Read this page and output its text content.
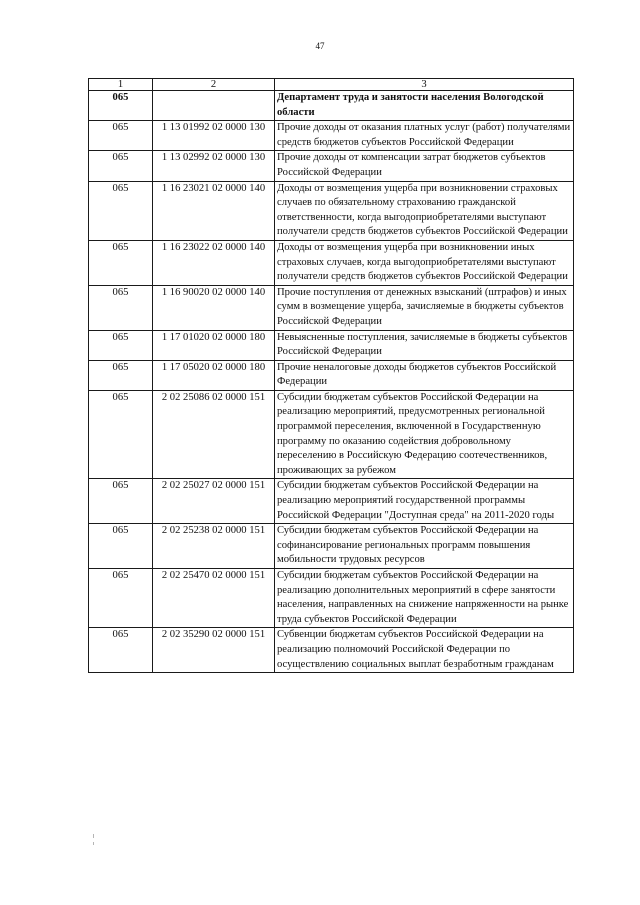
47
1	2	3
065		Департамент труда и занятости населения Вологодской области
065	1 13 01992 02 0000 130	Прочие доходы от оказания платных услуг (работ) получателями средств бюджетов субъектов Российской Федерации
065	1 13 02992 02 0000 130	Прочие доходы от компенсации затрат бюджетов субъектов Российской Федерации
065	1 16 23021 02 0000 140	Доходы от возмещения ущерба при возникновении страховых случаев по обязательному страхованию гражданской ответственности, когда выгодоприобретателями выступают получатели средств бюджетов субъектов Российской Федерации
065	1 16 23022 02 0000 140	Доходы от возмещения ущерба при возникновении иных страховых случаев, когда выгодоприобретателями выступают получатели средств бюджетов субъектов Российской Федерации
065	1 16 90020 02 0000 140	Прочие поступления от денежных взысканий (штрафов) и иных сумм в возмещение ущерба, зачисляемые в бюджеты субъектов Российской Федерации
065	1 17 01020 02 0000 180	Невыясненные поступления, зачисляемые в бюджеты субъектов Российской Федерации
065	1 17 05020 02 0000 180	Прочие неналоговые доходы бюджетов субъектов Российской Федерации
065	2 02 25086 02 0000 151	Субсидии бюджетам субъектов Российской Федерации на реализацию мероприятий, предусмотренных региональной программой переселения, включенной в Государственную программу по оказанию содействия добровольному переселению в Российскую Федерацию соотечественников, проживающих за рубежом
065	2 02 25027 02 0000 151	Субсидии бюджетам субъектов Российской Федерации на реализацию мероприятий государственной программы Российской Федерации "Доступная среда" на 2011-2020 годы
065	2 02 25238 02 0000 151	Субсидии бюджетам субъектов Российской Федерации на софинансирование региональных программ повышения мобильности трудовых ресурсов
065	2 02 25470 02 0000 151	Субсидии бюджетам субъектов Российской Федерации на реализацию дополнительных мероприятий в сфере занятости населения, направленных на снижение напряженности на рынке труда субъектов Российской Федерации
065	2 02 35290 02 0000 151	Субвенции бюджетам субъектов Российской Федерации на реализацию полномочий Российской Федерации по осуществлению социальных выплат безработным гражданам
